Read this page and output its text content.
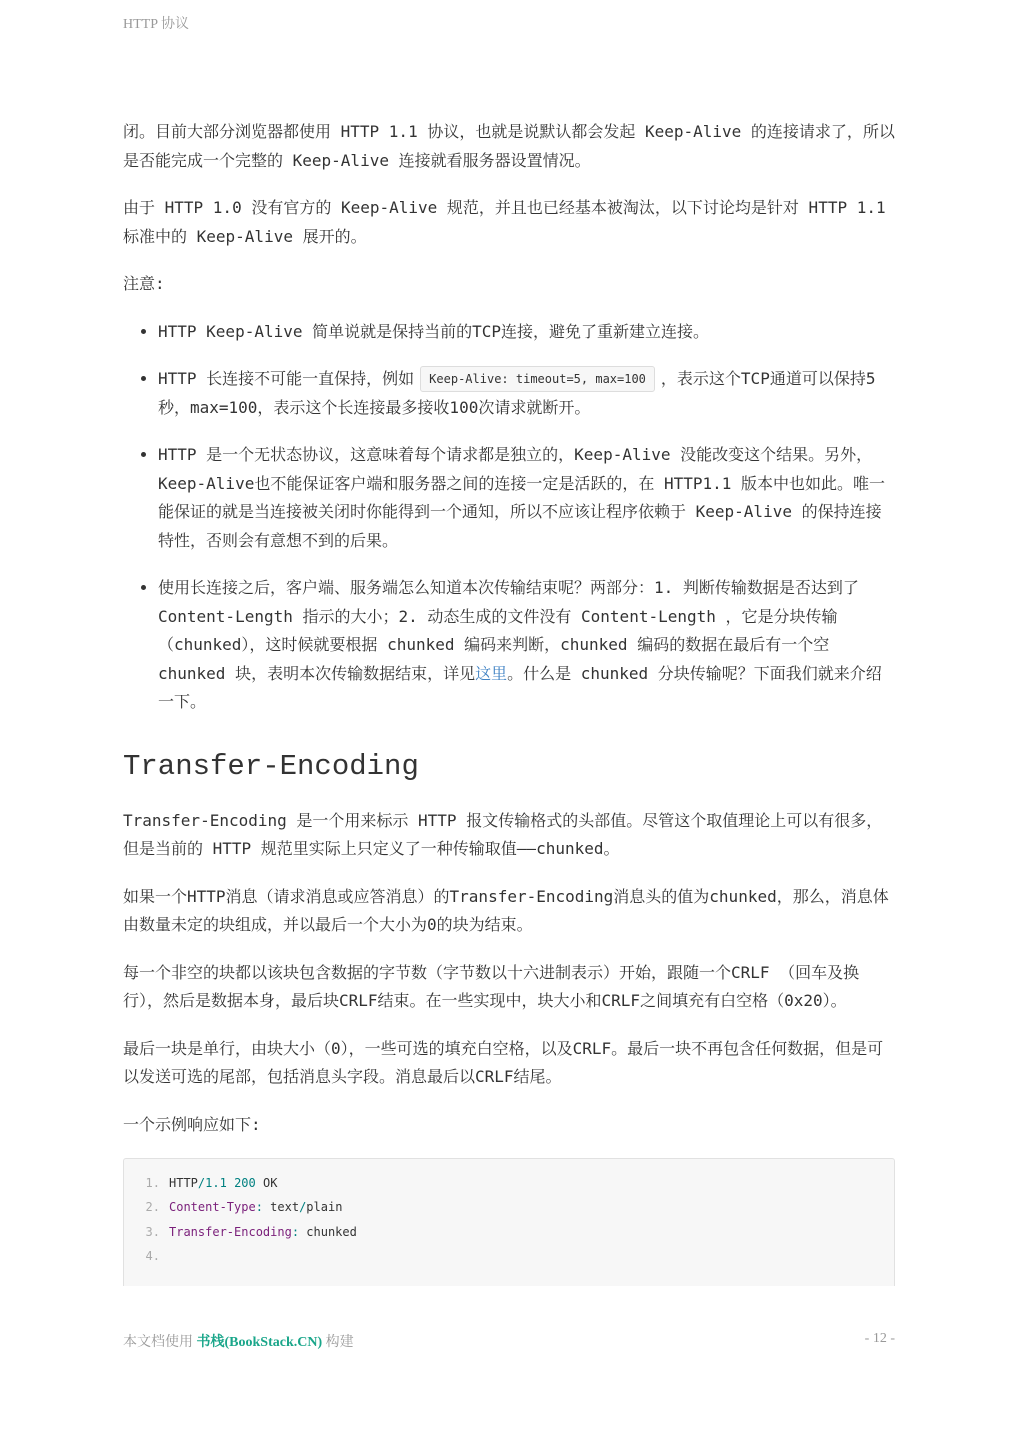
HTTP 协议

闭。目前大部分浏览器都使用 HTTP 1.1 协议，也就是说默认都会发起 Keep-Alive 的连接请求了，所以是否能完成一个完整的 Keep-Alive 连接就看服务器设置情况。

由于 HTTP 1.0 没有官方的 Keep-Alive 规范，并且也已经基本被淘汰，以下讨论均是针对 HTTP 1.1 标准中的 Keep-Alive 展开的。

注意:

• HTTP Keep-Alive 简单说就是保持当前的TCP连接，避免了重新建立连接。
• HTTP 长连接不可能一直保持，例如 Keep-Alive: timeout=5, max=100 ，表示这个TCP通道可以保持5秒，max=100，表示这个长连接最多接收100次请求就断开。
• HTTP 是一个无状态协议，这意味着每个请求都是独立的，Keep-Alive 没能改变这个结果。另外，Keep-Alive也不能保证客户端和服务器之间的连接一定是活跃的，在 HTTP1.1 版本中也如此。唯一能保证的就是当连接被关闭时你能得到一个通知，所以不应该让程序依赖于 Keep-Alive 的保持连接特性，否则会有意想不到的后果。
• 使用长连接之后，客户端、服务端怎么知道本次传输结束呢？两部分：1. 判断传输数据是否达到了Content-Length 指示的大小；2. 动态生成的文件没有 Content-Length ，它是分块传输（chunked），这时候就要根据 chunked 编码来判断，chunked 编码的数据在最后有一个空 chunked 块，表明本次传输数据结束，详见这里。什么是 chunked 分块传输呢？下面我们就来介绍一下。
Transfer-Encoding

Transfer-Encoding 是一个用来标示 HTTP 报文传输格式的头部值。尽管这个取值理论上可以有很多，但是当前的 HTTP 规范里实际上只定义了一种传输取值——chunked。

如果一个HTTP消息（请求消息或应答消息）的Transfer-Encoding消息头的值为chunked，那么，消息体由数量未定的块组成，并以最后一个大小为0的块为结束。

每一个非空的块都以该块包含数据的字节数（字节数以十六进制表示）开始，跟随一个CRLF （回车及换行），然后是数据本身，最后块CRLF结束。在一些实现中，块大小和CRLF之间填充有白空格（0x20）。

最后一块是单行，由块大小（0），一些可选的填充白空格，以及CRLF。最后一块不再包含任何数据，但是可以发送可选的尾部，包括消息头字段。消息最后以CRLF结尾。

一个示例响应如下:

1. HTTP/1.1 200 OK
2. Content-Type: text/plain
3. Transfer-Encoding: chunked
4.
本文档使用 书栈(BookStack.CN) 构建	- 12 -
